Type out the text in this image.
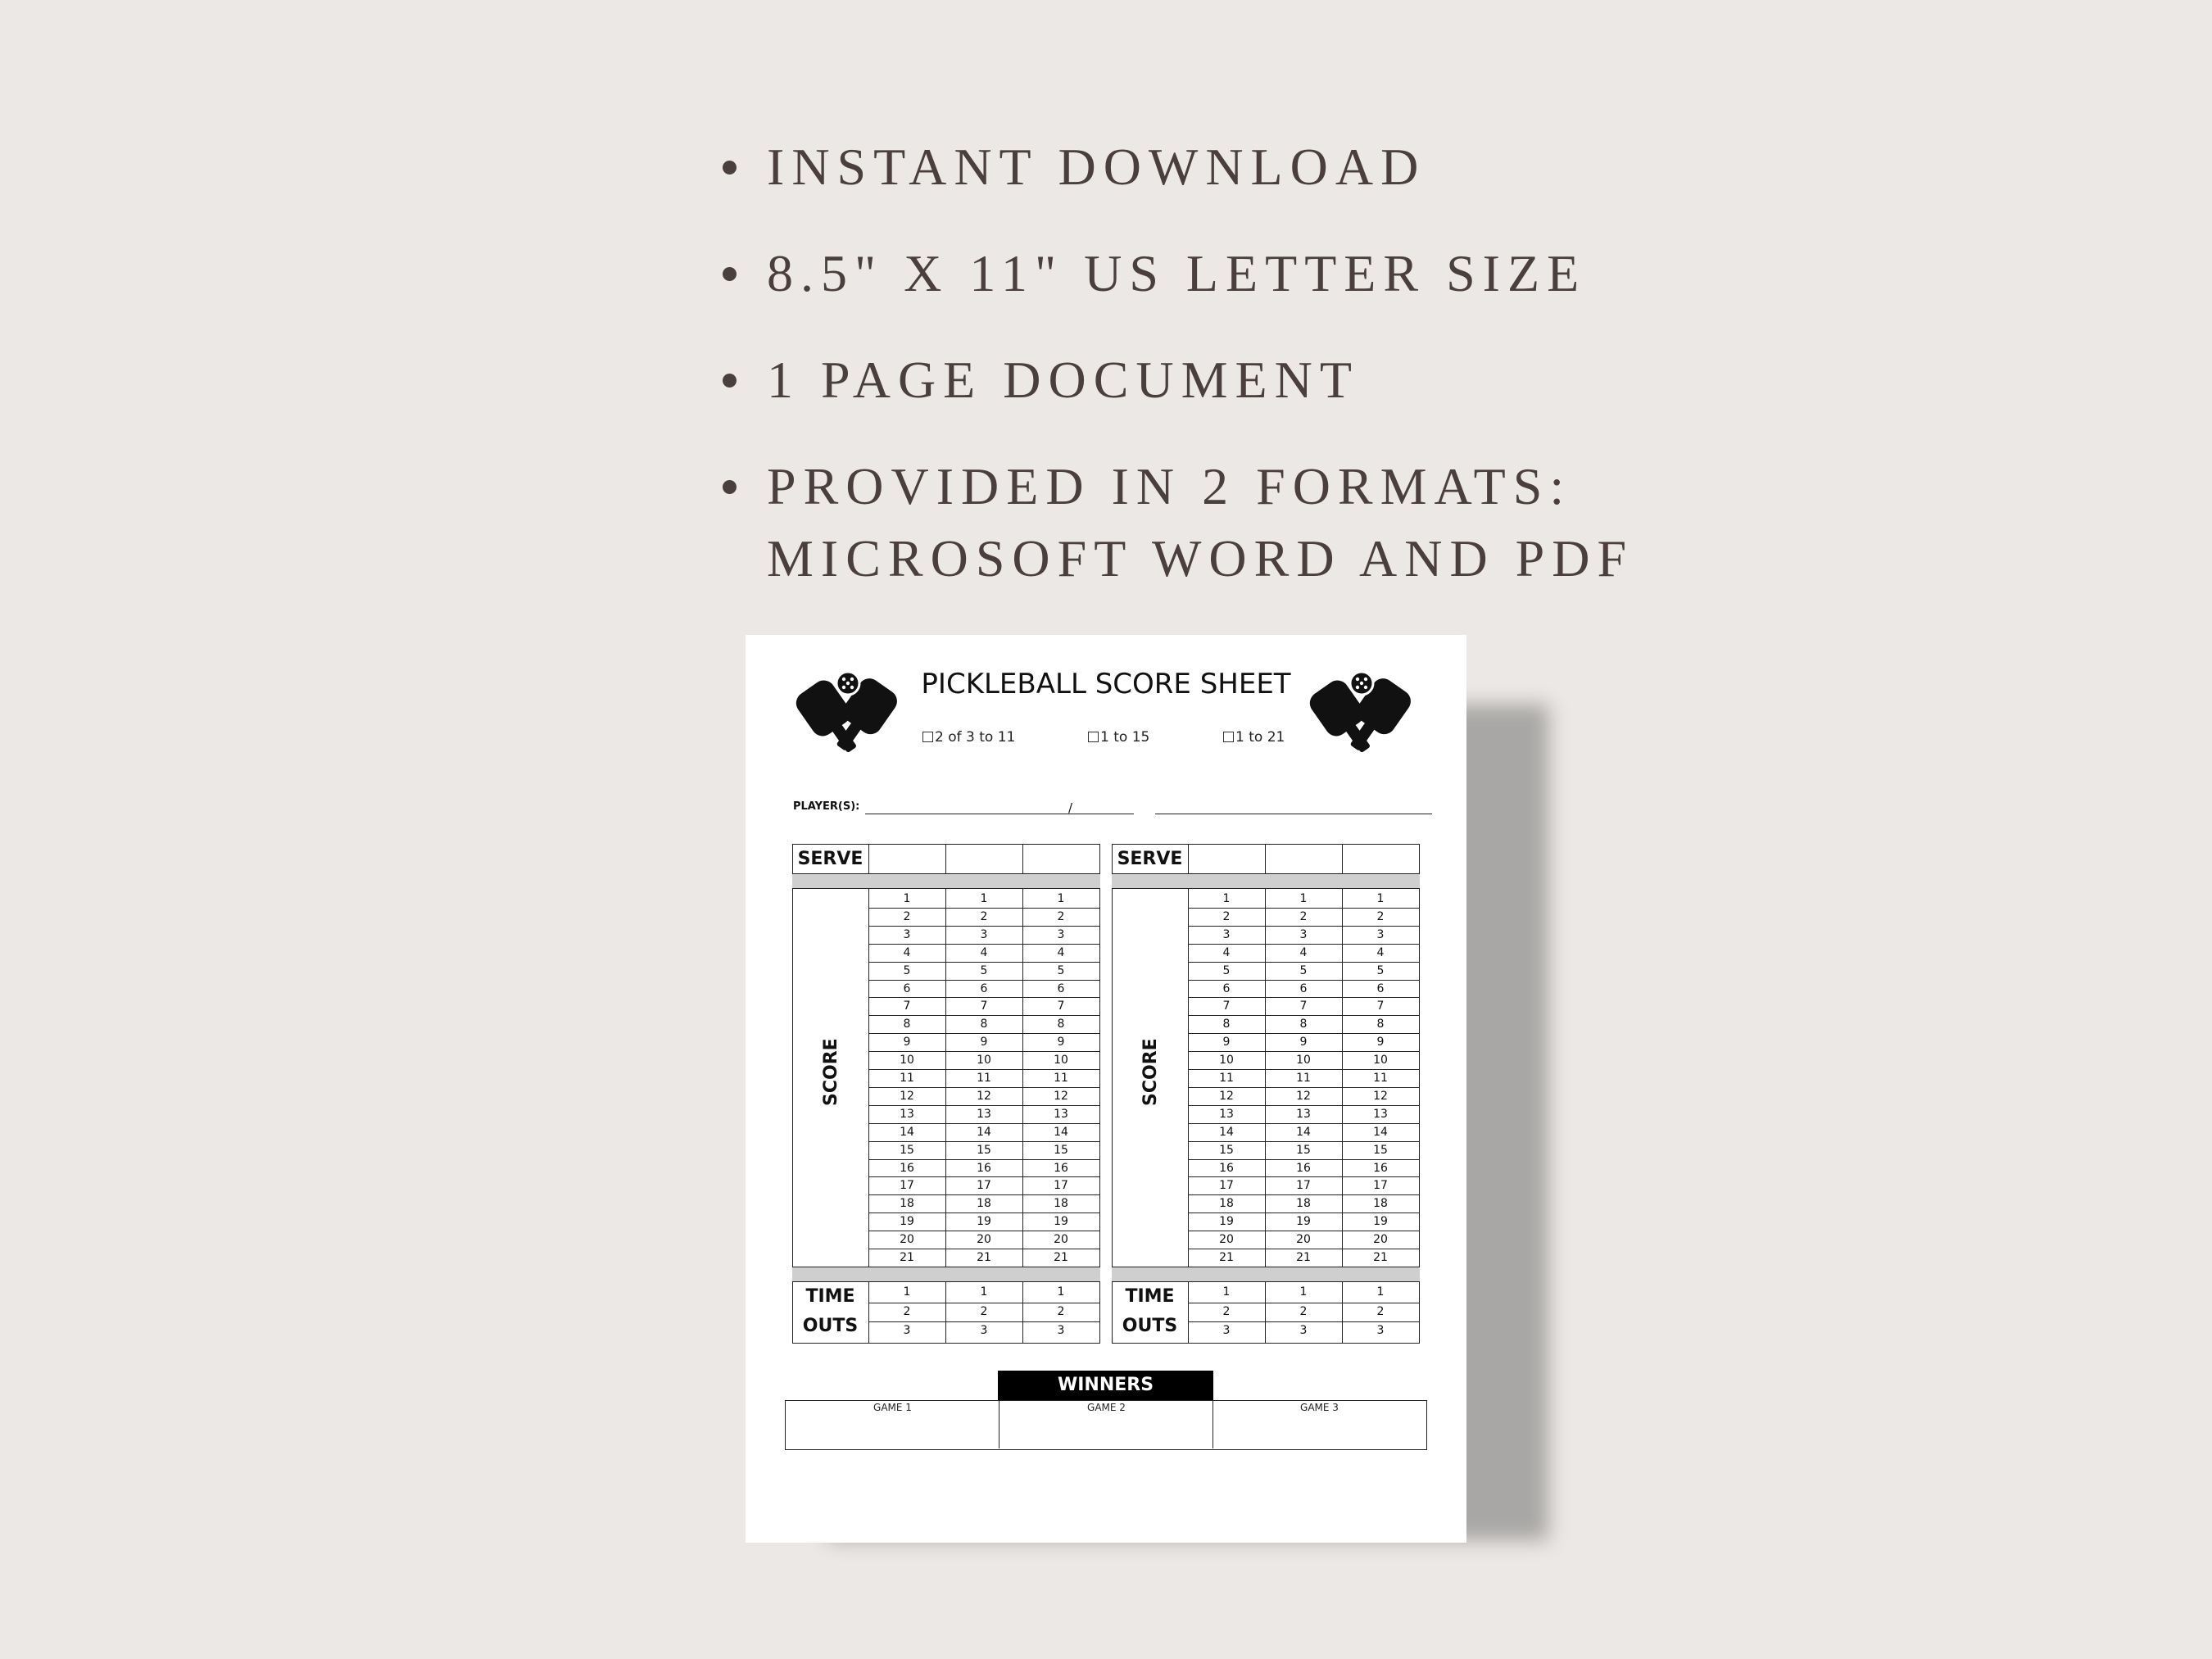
INSTANT DOWNLOAD
8.5" X 11" US LETTER SIZE
1 PAGE DOCUMENT
PROVIDED IN 2 FORMATS:
MICROSOFT WORD AND PDF
PICKLEBALL SCORE SHEET
2 of 3 to 11	1 to 15	1 to 21
PLAYER(S):	/
SERVE
SCORE
1	1	1
2	2	2
3	3	3
4	4	4
5	5	5
6	6	6
7	7	7
8	8	8
9	9	9
10	10	10
11	11	11
12	12	12
13	13	13
14	14	14
15	15	15
16	16	16
17	17	17
18	18	18
19	19	19
20	20	20
21	21	21
TIME
OUTS
1	1	1
2	2	2
3	3	3
SERVE
SCORE
1	1	1
2	2	2
3	3	3
4	4	4
5	5	5
6	6	6
7	7	7
8	8	8
9	9	9
10	10	10
11	11	11
12	12	12
13	13	13
14	14	14
15	15	15
16	16	16
17	17	17
18	18	18
19	19	19
20	20	20
21	21	21
TIME
OUTS
1	1	1
2	2	2
3	3	3
WINNERS
GAME 1	GAME 2	GAME 3
